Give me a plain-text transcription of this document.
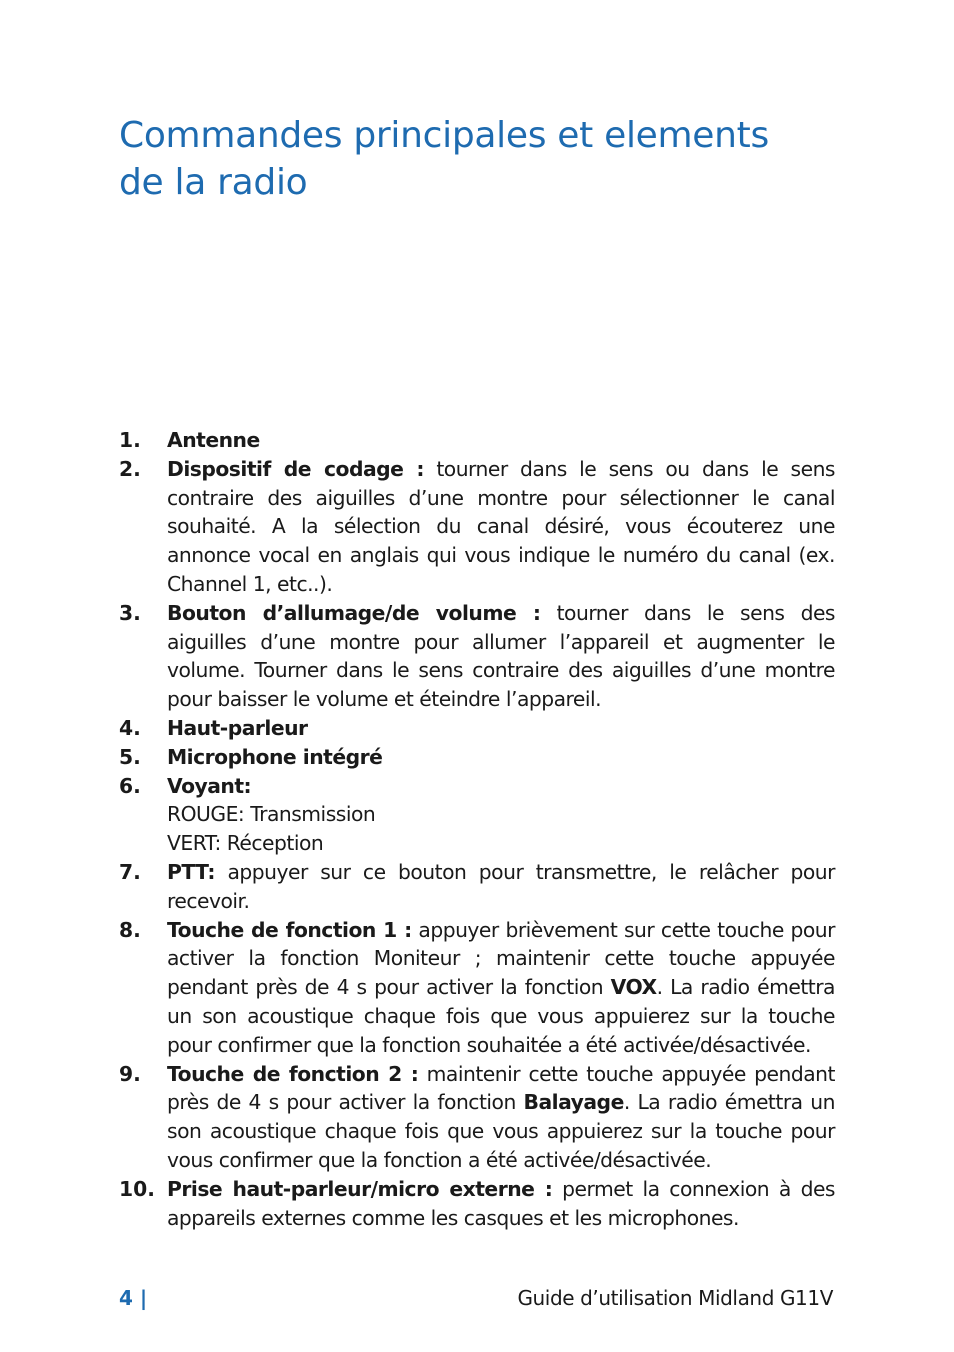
Commandes principales et elements
de la radio
1. Antenne
2. Dispositif de codage : tourner dans le sens ou dans le sens contraire des aiguilles d’une montre pour sélectionner le canal souhaité. A la sélection du canal désiré, vous écouterez une annonce vocal en anglais qui vous indique le numéro du canal (ex. Channel 1, etc..).
3. Bouton d’allumage/de volume : tourner dans le sens des aiguilles d’une montre pour allumer l’appareil et augmenter le volume. Tourner dans le sens contraire des aiguilles d’une montre pour baisser le volume et éteindre l’appareil.
4. Haut-parleur
5. Microphone intégré
6. Voyant:
ROUGE: Transmission
VERT: Réception
7. PTT: appuyer sur ce bouton pour transmettre, le relâcher pour recevoir.
8. Touche de fonction 1 : appuyer brièvement sur cette touche pour activer la fonction Moniteur ; maintenir cette touche appuyée pendant près de 4 s pour activer la fonction VOX. La radio émettra un son acoustique chaque fois que vous appuierez sur la touche pour confirmer que la fonction souhaitée a été activée/désactivée.
9. Touche de fonction 2 : maintenir cette touche appuyée pendant près de 4 s pour activer la fonction Balayage. La radio émettra un son acoustique chaque fois que vous appuierez sur la touche pour vous confirmer que la fonction a été activée/désactivée.
10. Prise haut-parleur/micro externe : permet la connexion à des appareils externes comme les casques et les microphones.
4 |	Guide d’utilisation Midland G11V
